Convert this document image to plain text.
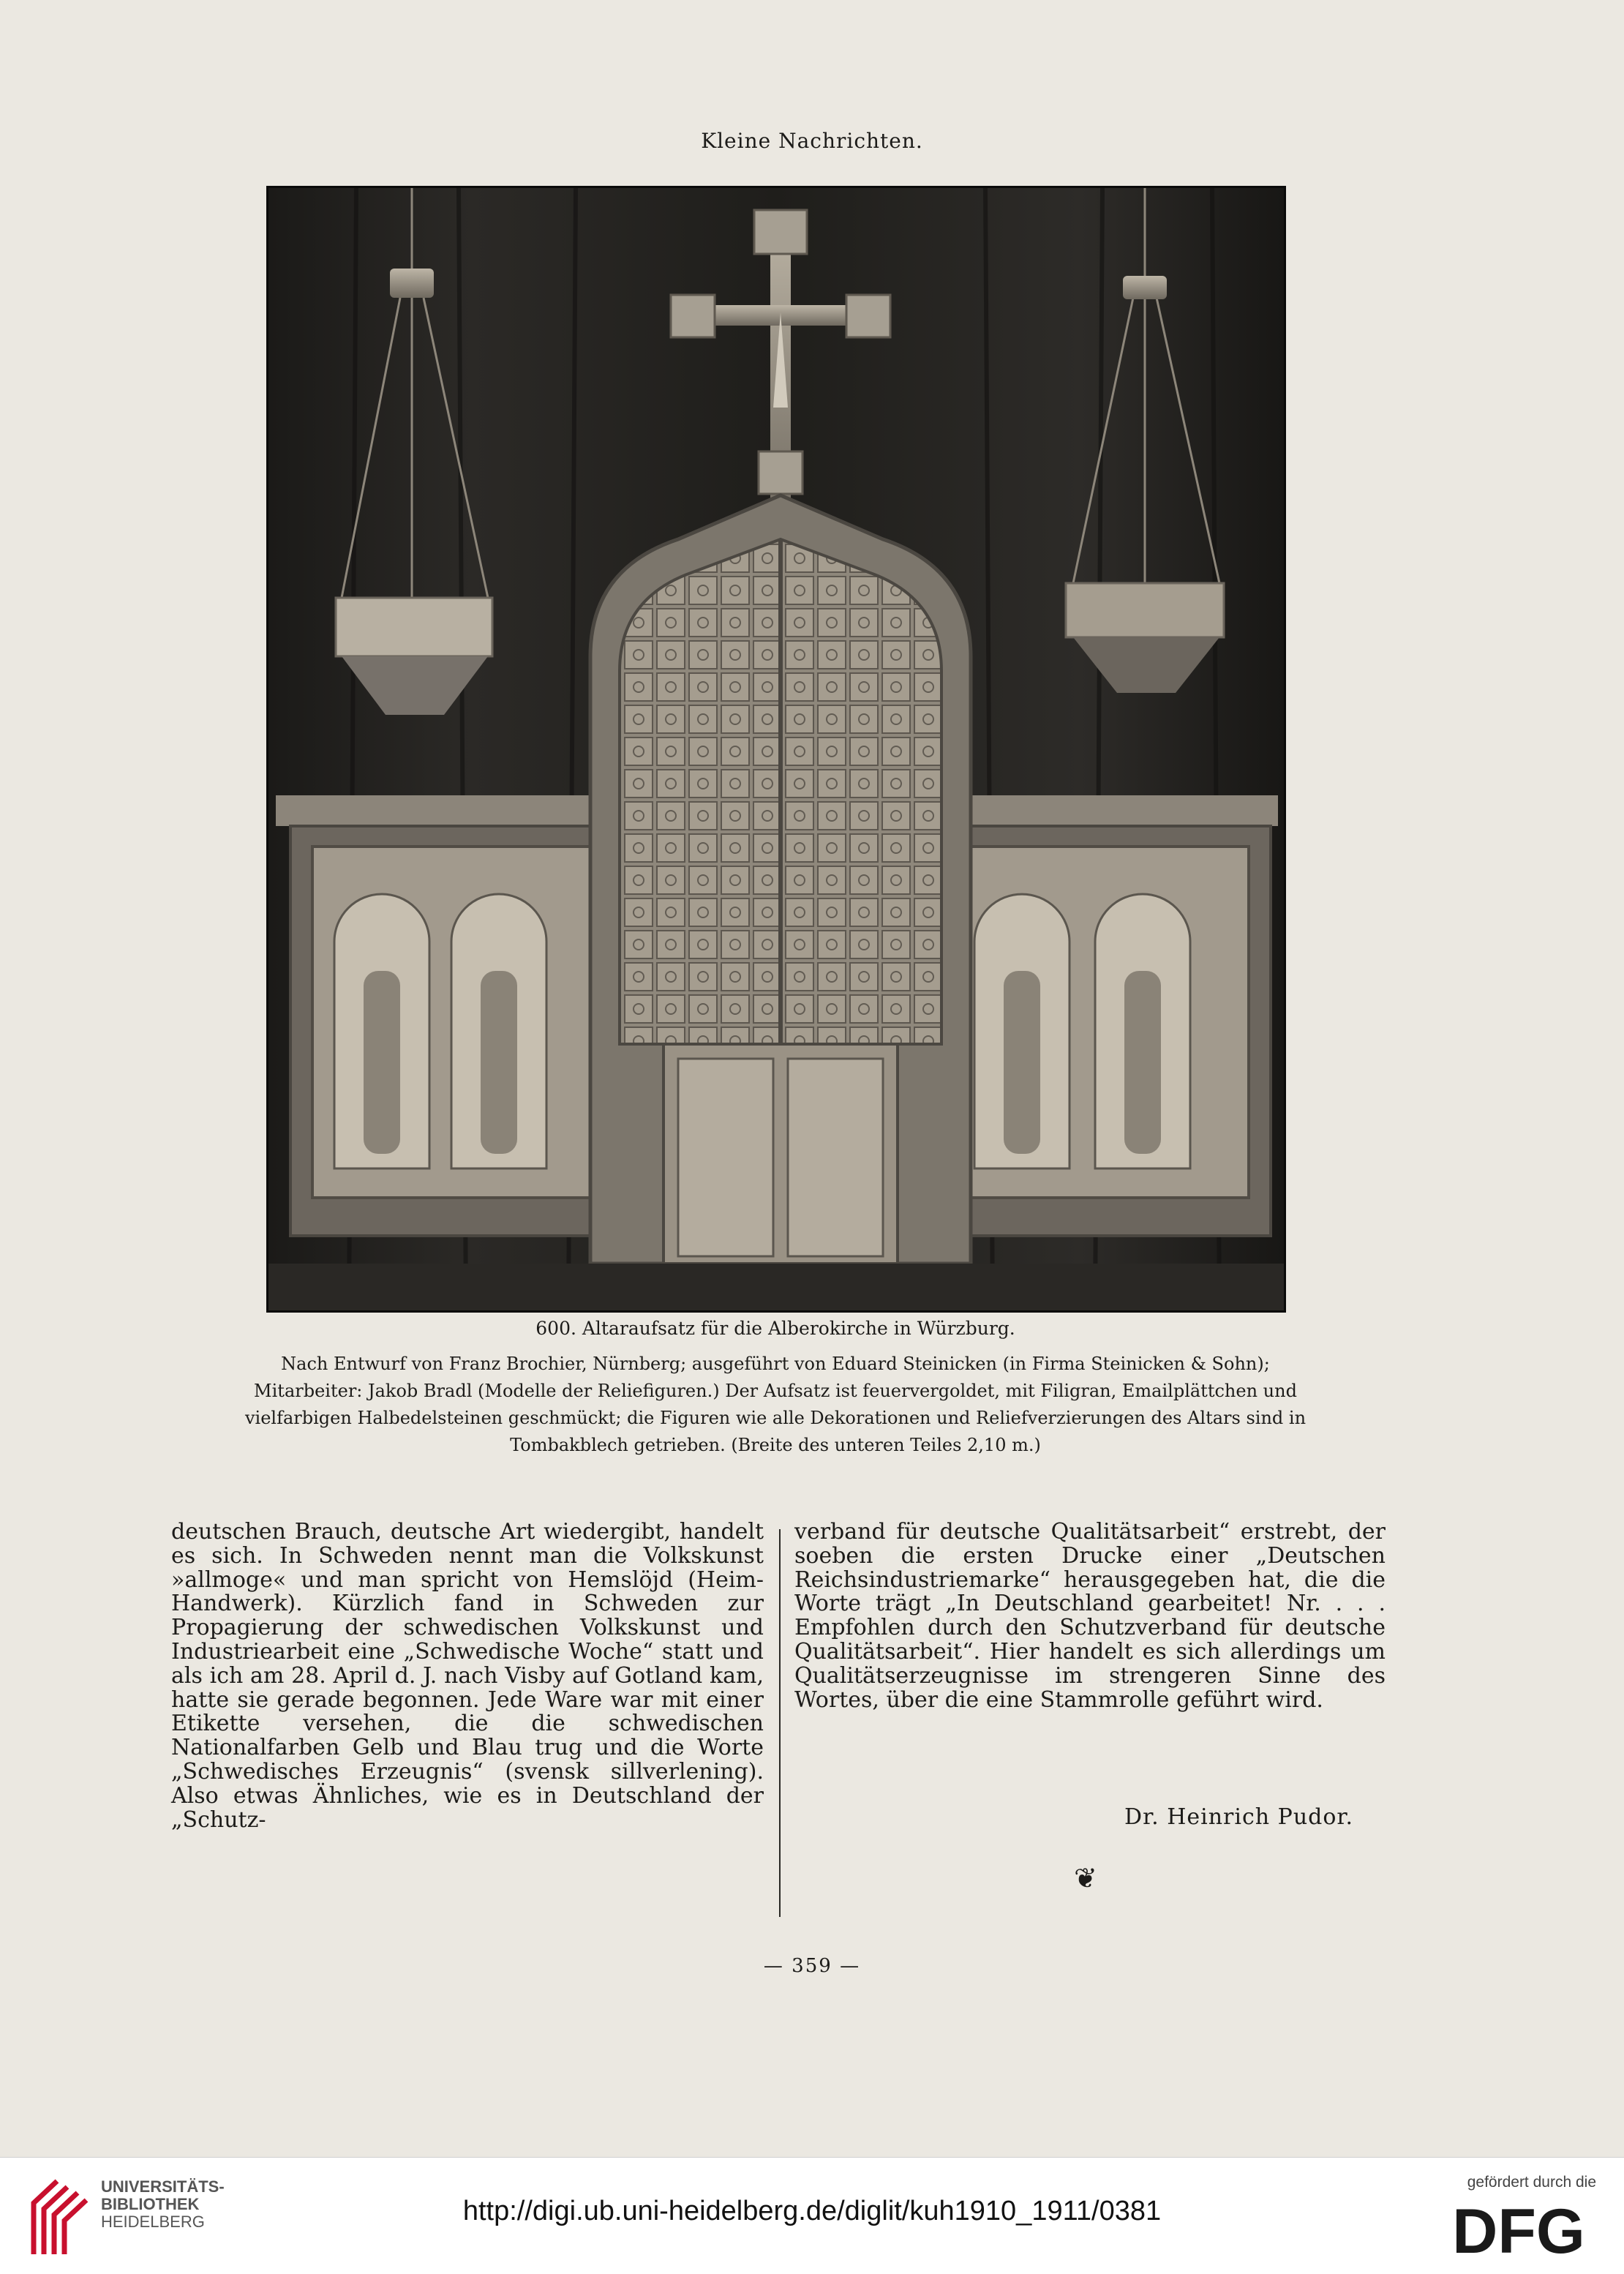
Kleine Nachrichten.
600. Altaraufsatz für die Alberokirche in Würzburg.
Nach Entwurf von Franz Brochier, Nürnberg; ausgeführt von Eduard Steinicken (in Firma Steinicken & Sohn);
Mitarbeiter: Jakob Bradl (Modelle der Reliefiguren.) Der Aufsatz ist feuervergoldet, mit Filigran, Emailplättchen und
vielfarbigen Halbedelsteinen geschmückt; die Figuren wie alle Dekorationen und Reliefverzierungen des Altars sind in
Tombakblech getrieben. (Breite des unteren Teiles 2,10 m.)

deutschen Brauch, deutsche Art wiedergibt, handelt es sich. In Schweden nennt man die Volkskunst »allmoge« und man spricht von Hemslöjd (Heim-Handwerk). Kürzlich fand in Schweden zur Propagierung der schwedischen Volkskunst und Industriearbeit eine „Schwedische Woche“ statt und als ich am 28. April d. J. nach Visby auf Gotland kam, hatte sie gerade begonnen. Jede Ware war mit einer Etikette versehen, die die schwedischen Nationalfarben Gelb und Blau trug und die Worte „Schwedisches Erzeugnis“ (svensk sillverlening). Also etwas Ähnliches, wie es in Deutschland der „Schutz-

verband für deutsche Qualitätsarbeit“ erstrebt, der soeben die ersten Drucke einer „Deutschen Reichsindustriemarke“ herausgegeben hat, die die Worte trägt „In Deutschland gearbeitet! Nr. . . . Empfohlen durch den Schutzverband für deutsche Qualitätsarbeit“. Hier handelt es sich allerdings um Qualitätserzeugnisse im strengeren Sinne des Wortes, über die eine Stammrolle geführt wird.

Dr. Heinrich Pudor.
❦
— 359 —
UNIVERSITÄTS-
BIBLIOTHEK
HEIDELBERG	http://digi.ub.uni-heidelberg.de/diglit/kuh1910_1911/0381
gefördert durch die
DFG
